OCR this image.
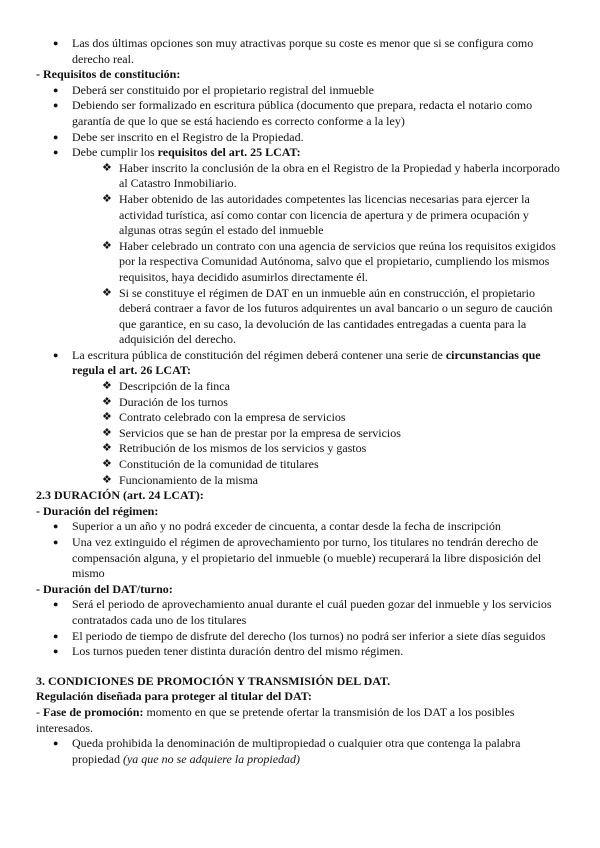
● Las dos últimas opciones son muy atractivas porque su coste es menor que si se configura como derecho real.
- Requisitos de constitución:
● Deberá ser constituido por el propietario registral del inmueble
● Debiendo ser formalizado en escritura pública (documento que prepara, redacta el notario como garantía de que lo que se está haciendo es correcto conforme a la ley)
● Debe ser inscrito en el Registro de la Propiedad.
● Debe cumplir los requisitos del art. 25 LCAT:
❖ Haber inscrito la conclusión de la obra en el Registro de la Propiedad y haberla incorporado al Catastro Inmobiliario.
❖ Haber obtenido de las autoridades competentes las licencias necesarias para ejercer la actividad turística, así como contar con licencia de apertura y de primera ocupación y algunas otras según el estado del inmueble
❖ Haber celebrado un contrato con una agencia de servicios que reúna los requisitos exigidos por la respectiva Comunidad Autónoma, salvo que el propietario, cumpliendo los mismos requisitos, haya decidido asumirlos directamente él.
❖ Si se constituye el régimen de DAT en un inmueble aún en construcción, el propietario deberá contraer a favor de los futuros adquirentes un aval bancario o un seguro de caución que garantice, en su caso, la devolución de las cantidades entregadas a cuenta para la adquisición del derecho.
● La escritura pública de constitución del régimen deberá contener una serie de circunstancias que regula el art. 26 LCAT:
❖ Descripción de la finca
❖ Duración de los turnos
❖ Contrato celebrado con la empresa de servicios
❖ Servicios que se han de prestar por la empresa de servicios
❖ Retribución de los mismos de los servicios y gastos
❖ Constitución de la comunidad de titulares
❖ Funcionamiento de la misma
2.3 DURACIÓN (art. 24 LCAT):
- Duración del régimen:
● Superior a un año y no podrá exceder de cincuenta, a contar desde la fecha de inscripción
● Una vez extinguido el régimen de aprovechamiento por turno, los titulares no tendrán derecho de compensación alguna, y el propietario del inmueble (o mueble) recuperará la libre disposición del mismo
- Duración del DAT/turno:
● Será el periodo de aprovechamiento anual durante el cuál pueden gozar del inmueble y los servicios contratados cada uno de los titulares
● El periodo de tiempo de disfrute del derecho (los turnos) no podrá ser inferior a siete días seguidos
● Los turnos pueden tener distinta duración dentro del mismo régimen.
3. CONDICIONES DE PROMOCIÓN Y TRANSMISIÓN DEL DAT.
Regulación diseñada para proteger al titular del DAT:
- Fase de promoción: momento en que se pretende ofertar la transmisión de los DAT a los posibles interesados.
● Queda prohibida la denominación de multipropiedad o cualquier otra que contenga la palabra propiedad (ya que no se adquiere la propiedad)
